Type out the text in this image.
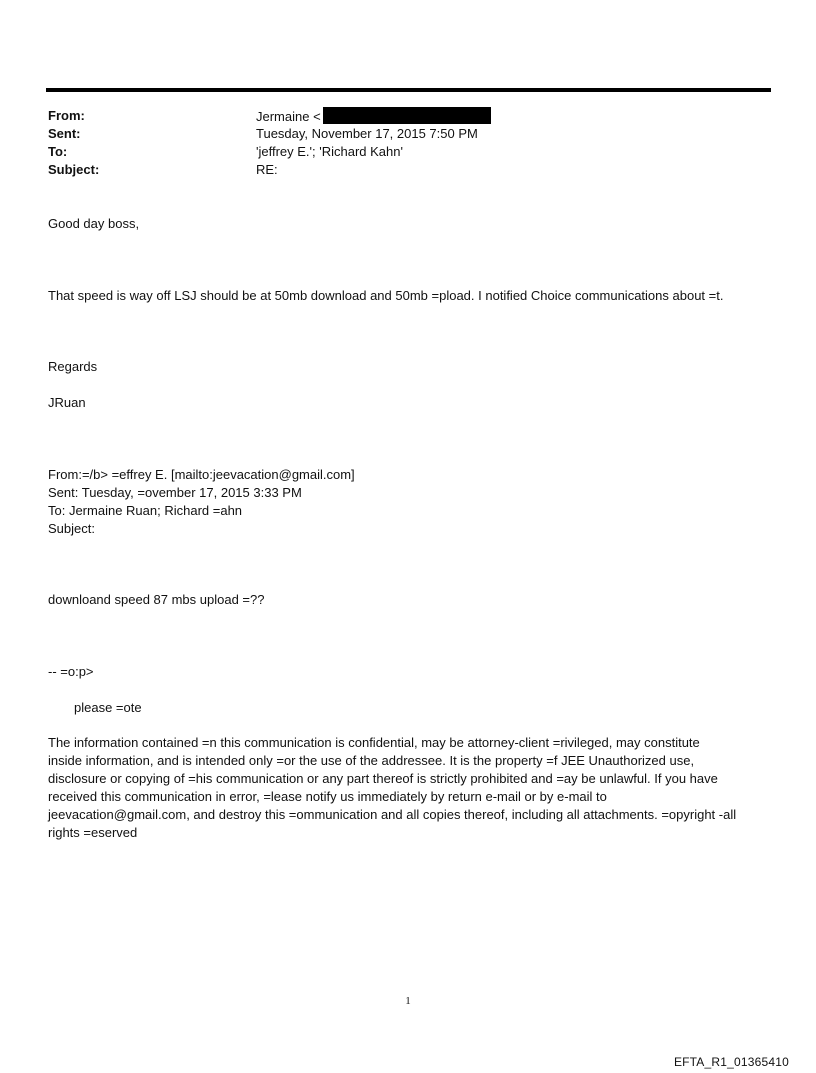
From:	Jermaine <
Sent:	Tuesday, November 17, 2015 7:50 PM
To:	'jeffrey E.'; 'Richard Kahn'
Subject:	RE:
Good day boss,
That speed is way off LSJ should be at 50mb download and 50mb =pload. I notified Choice communications about =t.
Regards
JRuan
From:=/b> =effrey E. [mailto:jeevacation@gmail.com]
Sent: Tuesday, =ovember 17, 2015 3:33 PM
To: Jermaine Ruan; Richard =ahn
Subject:
downloand speed 87 mbs upload =??
-- =o:p>
please =ote
The information contained =n this communication is confidential, may be attorney-client =rivileged, may constitute
inside information, and is intended only =or the use of the addressee. It is the property =f JEE Unauthorized use,
disclosure or copying of =his communication or any part thereof is strictly prohibited and =ay be unlawful. If you have
received this communication in error, =lease notify us immediately by return e-mail or by e-mail to
jeevacation@gmail.com, and destroy this =ommunication and all copies thereof, including all attachments. =opyright -all
rights =eserved
1
EFTA_R1_01365410
